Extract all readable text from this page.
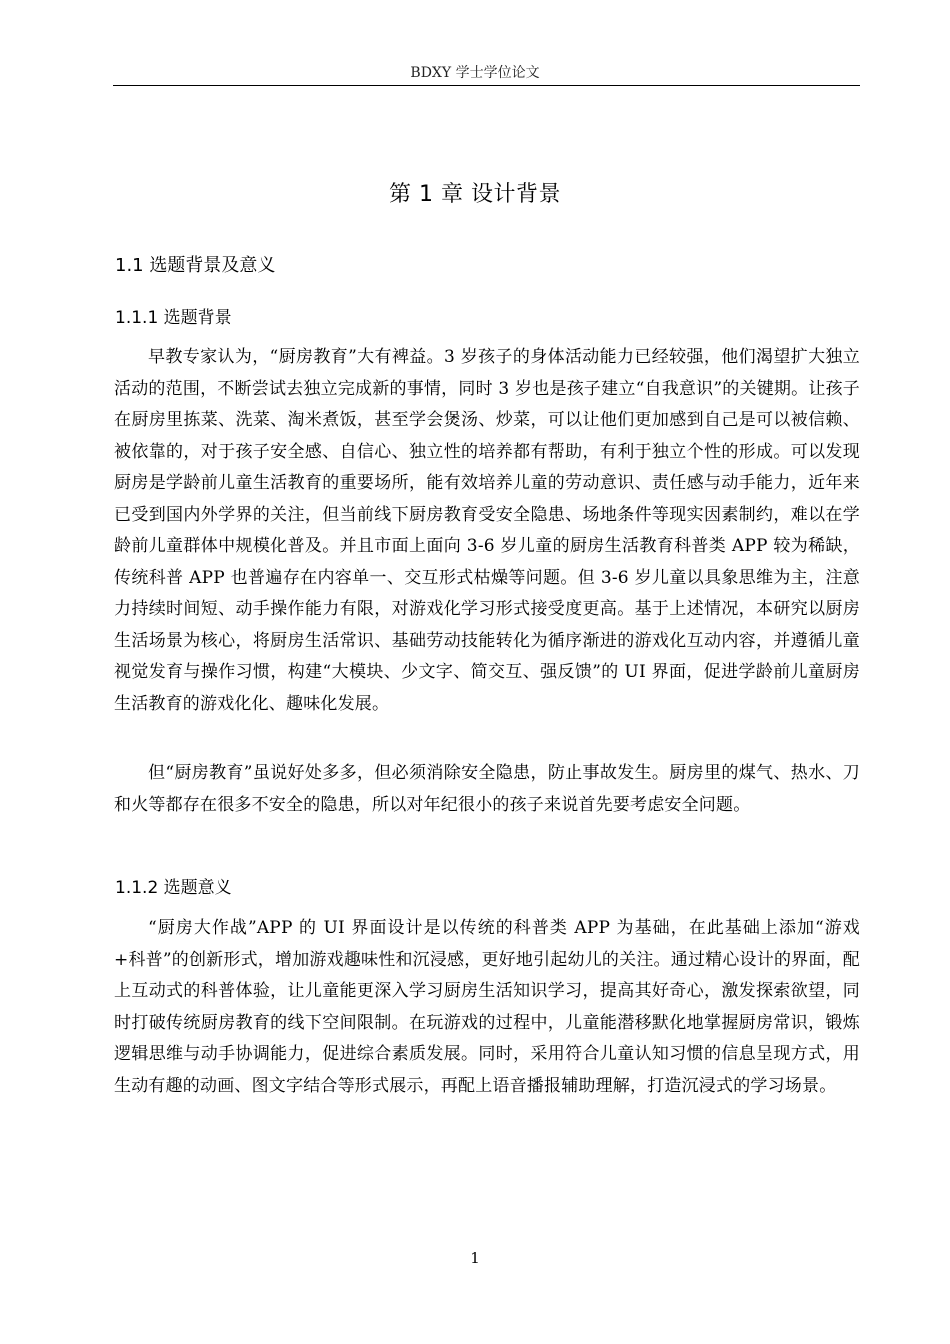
BDXY 学士学位论文
第 1 章 设计背景
1.1 选题背景及意义
1.1.1 选题背景

早教专家认为，“厨房教育”大有裨益。3 岁孩子的身体活动能力已经较强，他们渴望扩大独立活动的范围，不断尝试去独立完成新的事情，同时 3 岁也是孩子建立“自我意识”的关键期。让孩子在厨房里拣菜、洗菜、淘米煮饭，甚至学会煲汤、炒菜，可以让他们更加感到自己是可以被信赖、被依靠的，对于孩子安全感、自信心、独立性的培养都有帮助，有利于独立个性的形成。可以发现厨房是学龄前儿童生活教育的重要场所，能有效培养儿童的劳动意识、责任感与动手能力，近年来已受到国内外学界的关注，但当前线下厨房教育受安全隐患、场地条件等现实因素制约，难以在学龄前儿童群体中规模化普及。并且市面上面向 3-6 岁儿童的厨房生活教育科普类 APP 较为稀缺，传统科普 APP 也普遍存在内容单一、交互形式枯燥等问题。但 3-6 岁儿童以具象思维为主，注意力持续时间短、动手操作能力有限，对游戏化学习形式接受度更高。基于上述情况，本研究以厨房生活场景为核心，将厨房生活常识、基础劳动技能转化为循序渐进的游戏化互动内容，并遵循儿童视觉发育与操作习惯，构建“大模块、少文字、简交互、强反馈”的 UI 界面，促进学龄前儿童厨房生活教育的游戏化化、趣味化发展。

但“厨房教育”虽说好处多多，但必须消除安全隐患，防止事故发生。厨房里的煤气、热水、刀和火等都存在很多不安全的隐患，所以对年纪很小的孩子来说首先要考虑安全问题。

1.1.2 选题意义

“厨房大作战”APP 的 UI 界面设计是以传统的科普类 APP 为基础，在此基础上添加“游戏+科普”的创新形式，增加游戏趣味性和沉浸感，更好地引起幼儿的关注。通过精心设计的界面，配上互动式的科普体验，让儿童能更深入学习厨房生活知识学习，提高其好奇心，激发探索欲望，同时打破传统厨房教育的线下空间限制。在玩游戏的过程中，儿童能潜移默化地掌握厨房常识，锻炼逻辑思维与动手协调能力，促进综合素质发展。同时，采用符合儿童认知习惯的信息呈现方式，用生动有趣的动画、图文字结合等形式展示，再配上语音播报辅助理解，打造沉浸式的学习场景。

1
